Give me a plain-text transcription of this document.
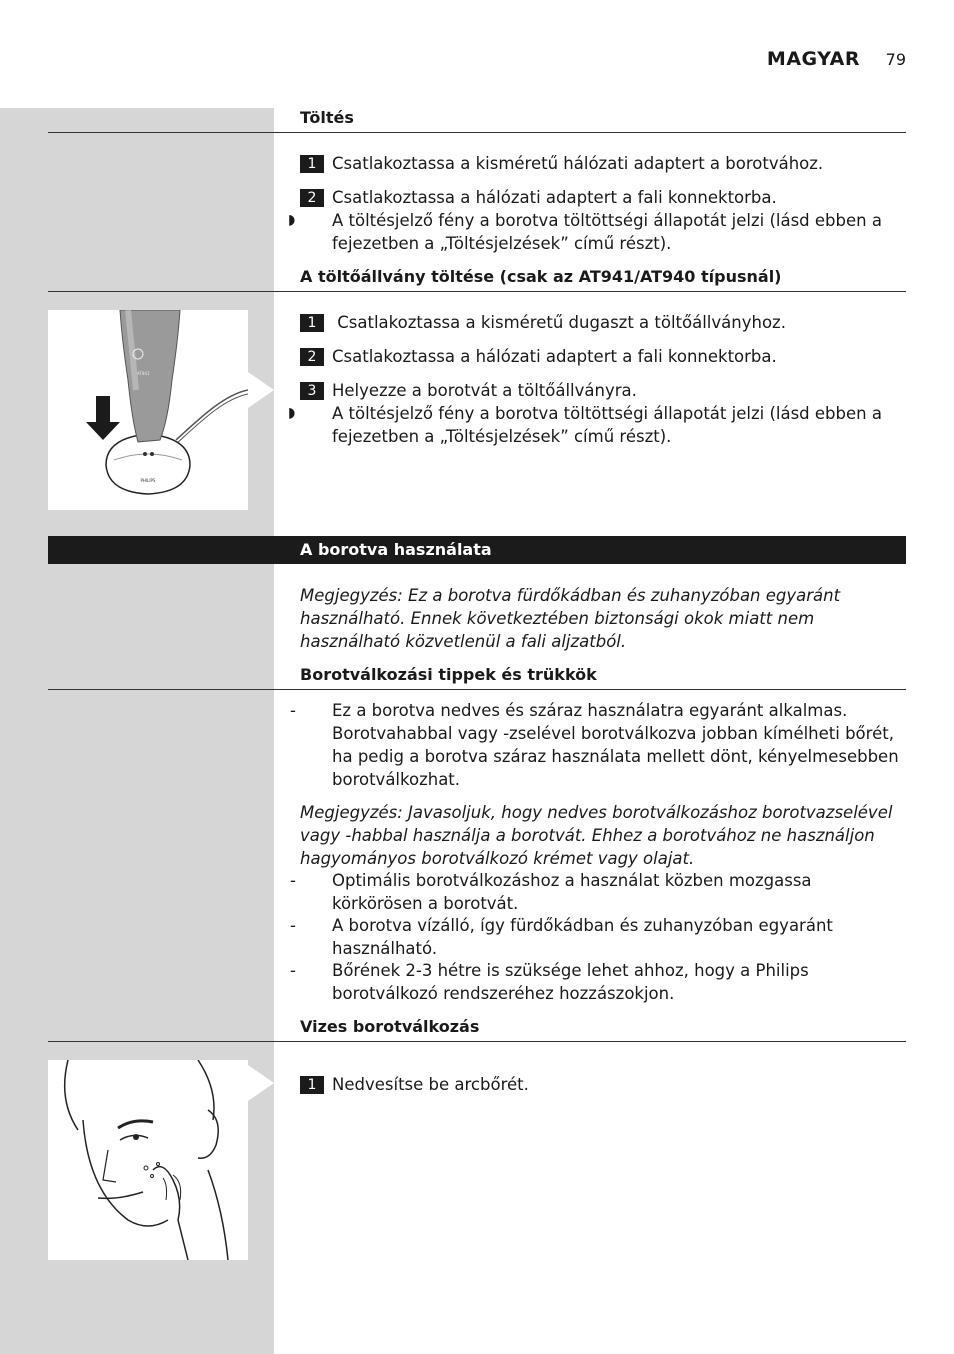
MAGYAR 79
Töltés
1 Csatlakoztassa a kisméretű hálózati adaptert a borotvához.
2 Csatlakoztassa a hálózati adaptert a fali konnektorba.
◗ A töltésjelző fény a borotva töltöttségi állapotát jelzi (lásd ebben a fejezetben a „Töltésjelzések” című részt).
A töltőállvány töltése (csak az AT941/AT940 típusnál)
PHILIPS
AT941
1 Csatlakoztassa a kisméretű dugaszt a töltőállványhoz.
2 Csatlakoztassa a hálózati adaptert a fali konnektorba.
3 Helyezze a borotvát a töltőállványra.
◗ A töltésjelző fény a borotva töltöttségi állapotát jelzi (lásd ebben a fejezetben a „Töltésjelzések” című részt).
A borotva használata
Megjegyzés: Ez a borotva fürdőkádban és zuhanyzóban egyaránt használható. Ennek következtében biztonsági okok miatt nem használható közvetlenül a fali aljzatból.
Borotválkozási tippek és trükkök
- Ez a borotva nedves és száraz használatra egyaránt alkalmas. Borotvahabbal vagy -zselével borotválkozva jobban kímélheti bőrét, ha pedig a borotva száraz használata mellett dönt, kényelmesebben borotválkozhat.
Megjegyzés: Javasoljuk, hogy nedves borotválkozáshoz borotvazselével vagy -habbal használja a borotvát. Ehhez a borotvához ne használjon hagyományos borotválkozó krémet vagy olajat.
- Optimális borotválkozáshoz a használat közben mozgassa körkörösen a borotvát.
- A borotva vízálló, így fürdőkádban és zuhanyzóban egyaránt használható.
- Bőrének 2-3 hétre is szüksége lehet ahhoz, hogy a Philips borotválkozó rendszeréhez hozzászokjon.
Vizes borotválkozás
1 Nedvesítse be arcbőrét.
